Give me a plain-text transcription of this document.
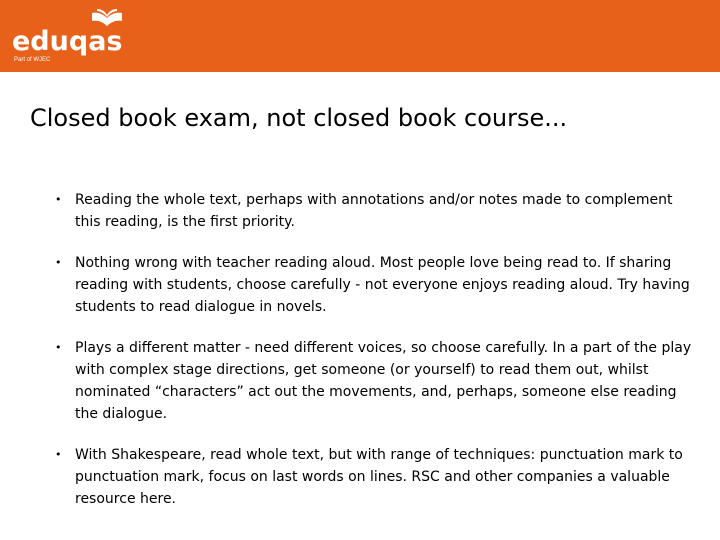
eduqas
Part of WJEC
Closed book exam, not closed book course...
• Reading the whole text, perhaps with annotations and/or notes made to complement this reading, is the first priority.
• Nothing wrong with teacher reading aloud. Most people love being read to. If sharing reading with students, choose carefully - not everyone enjoys reading aloud. Try having students to read dialogue in novels.
• Plays a different matter - need different voices, so choose carefully. In a part of the play with complex stage directions, get someone (or yourself) to read them out, whilst nominated “characters” act out the movements, and, perhaps, someone else reading the dialogue.
• With Shakespeare, read whole text, but with range of techniques: punctuation mark to punctuation mark, focus on last words on lines. RSC and other companies a valuable resource here.
